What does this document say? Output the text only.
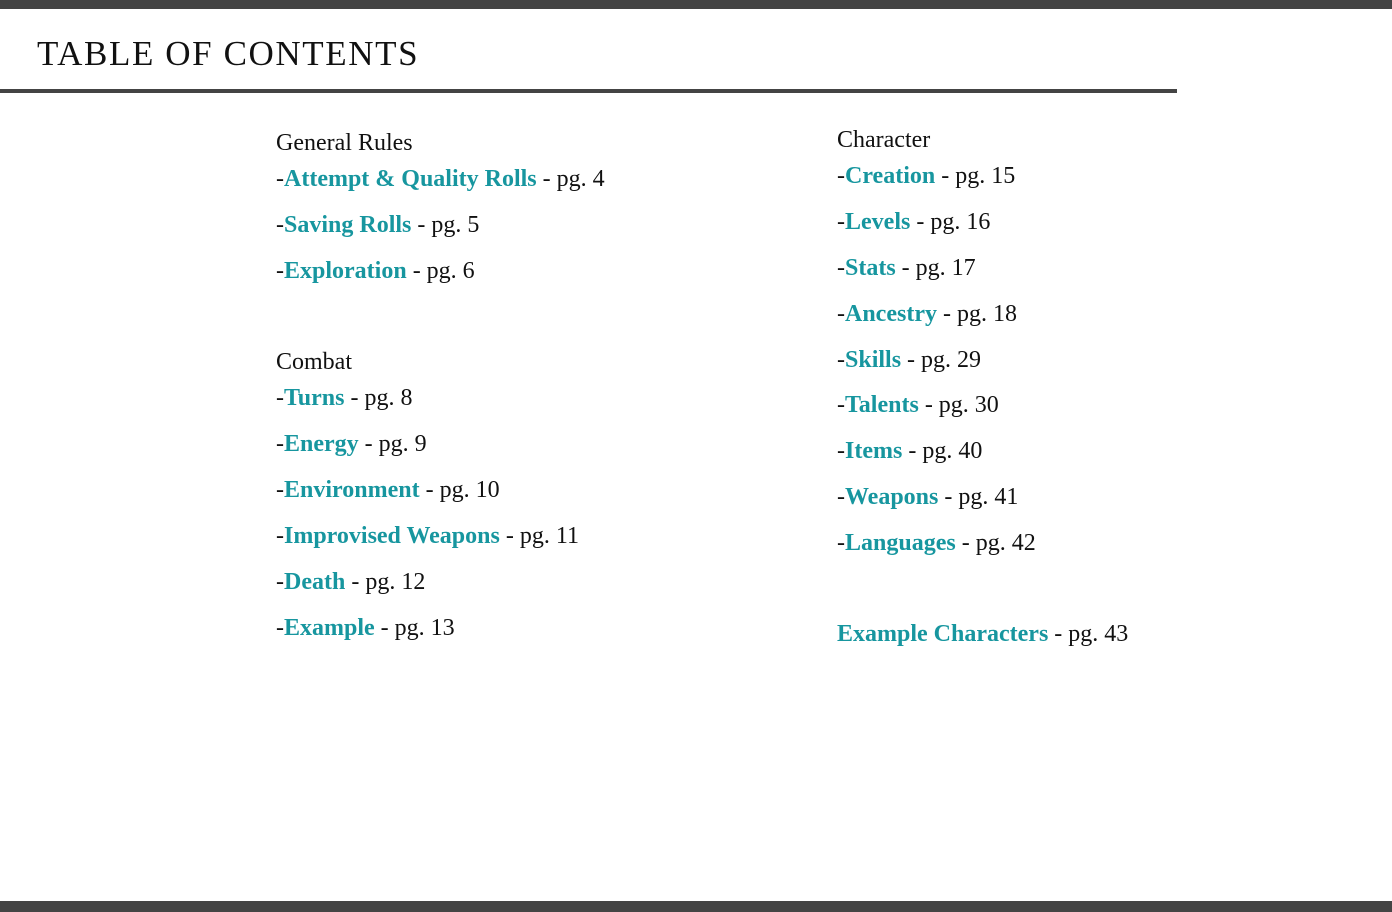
TABLE OF CONTENTS
General Rules
-Attempt & Quality Rolls - pg. 4
-Saving Rolls - pg. 5
-Exploration - pg. 6
Combat
-Turns - pg. 8
-Energy - pg. 9
-Environment - pg. 10
-Improvised Weapons - pg. 11
-Death - pg. 12
-Example - pg. 13
Character
-Creation - pg. 15
-Levels - pg. 16
-Stats - pg. 17
-Ancestry - pg. 18
-Skills - pg. 29
-Talents - pg. 30
-Items - pg. 40
-Weapons - pg. 41
-Languages - pg. 42
Example Characters - pg. 43
